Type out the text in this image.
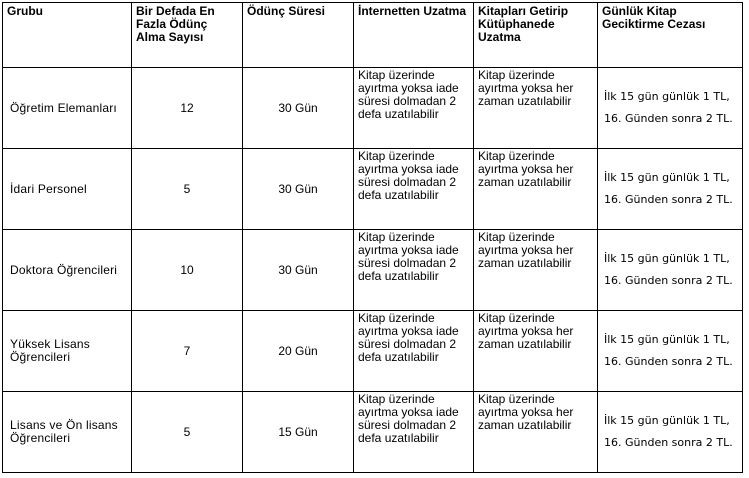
Grubu	Bir Defada En Fazla Ödünç Alma Sayısı	Ödünç Süresi	İnternetten Uzatma	Kitapları Getirip Kütüphanede Uzatma	Günlük Kitap Geciktirme Cezası
Öğretim Elemanları	12	30 Gün	Kitap üzerinde ayırtma yoksa iade süresi dolmadan 2 defa uzatılabilir	Kitap üzerinde ayırtma yoksa her zaman uzatılabilir	İlk 15 gün günlük 1 TL, 16. Günden sonra 2 TL.
İdari Personel	5	30 Gün	Kitap üzerinde ayırtma yoksa iade süresi dolmadan 2 defa uzatılabilir	Kitap üzerinde ayırtma yoksa her zaman uzatılabilir	İlk 15 gün günlük 1 TL, 16. Günden sonra 2 TL.
Doktora Öğrencileri	10	30 Gün	Kitap üzerinde ayırtma yoksa iade süresi dolmadan 2 defa uzatılabilir	Kitap üzerinde ayırtma yoksa her zaman uzatılabilir	İlk 15 gün günlük 1 TL, 16. Günden sonra 2 TL.
Yüksek Lisans Öğrencileri	7	20 Gün	Kitap üzerinde ayırtma yoksa iade süresi dolmadan 2 defa uzatılabilir	Kitap üzerinde ayırtma yoksa her zaman uzatılabilir	İlk 15 gün günlük 1 TL, 16. Günden sonra 2 TL.
Lisans ve Ön lisans Öğrencileri	5	15 Gün	Kitap üzerinde ayırtma yoksa iade süresi dolmadan 2 defa uzatılabilir	Kitap üzerinde ayırtma yoksa her zaman uzatılabilir	İlk 15 gün günlük 1 TL, 16. Günden sonra 2 TL.
